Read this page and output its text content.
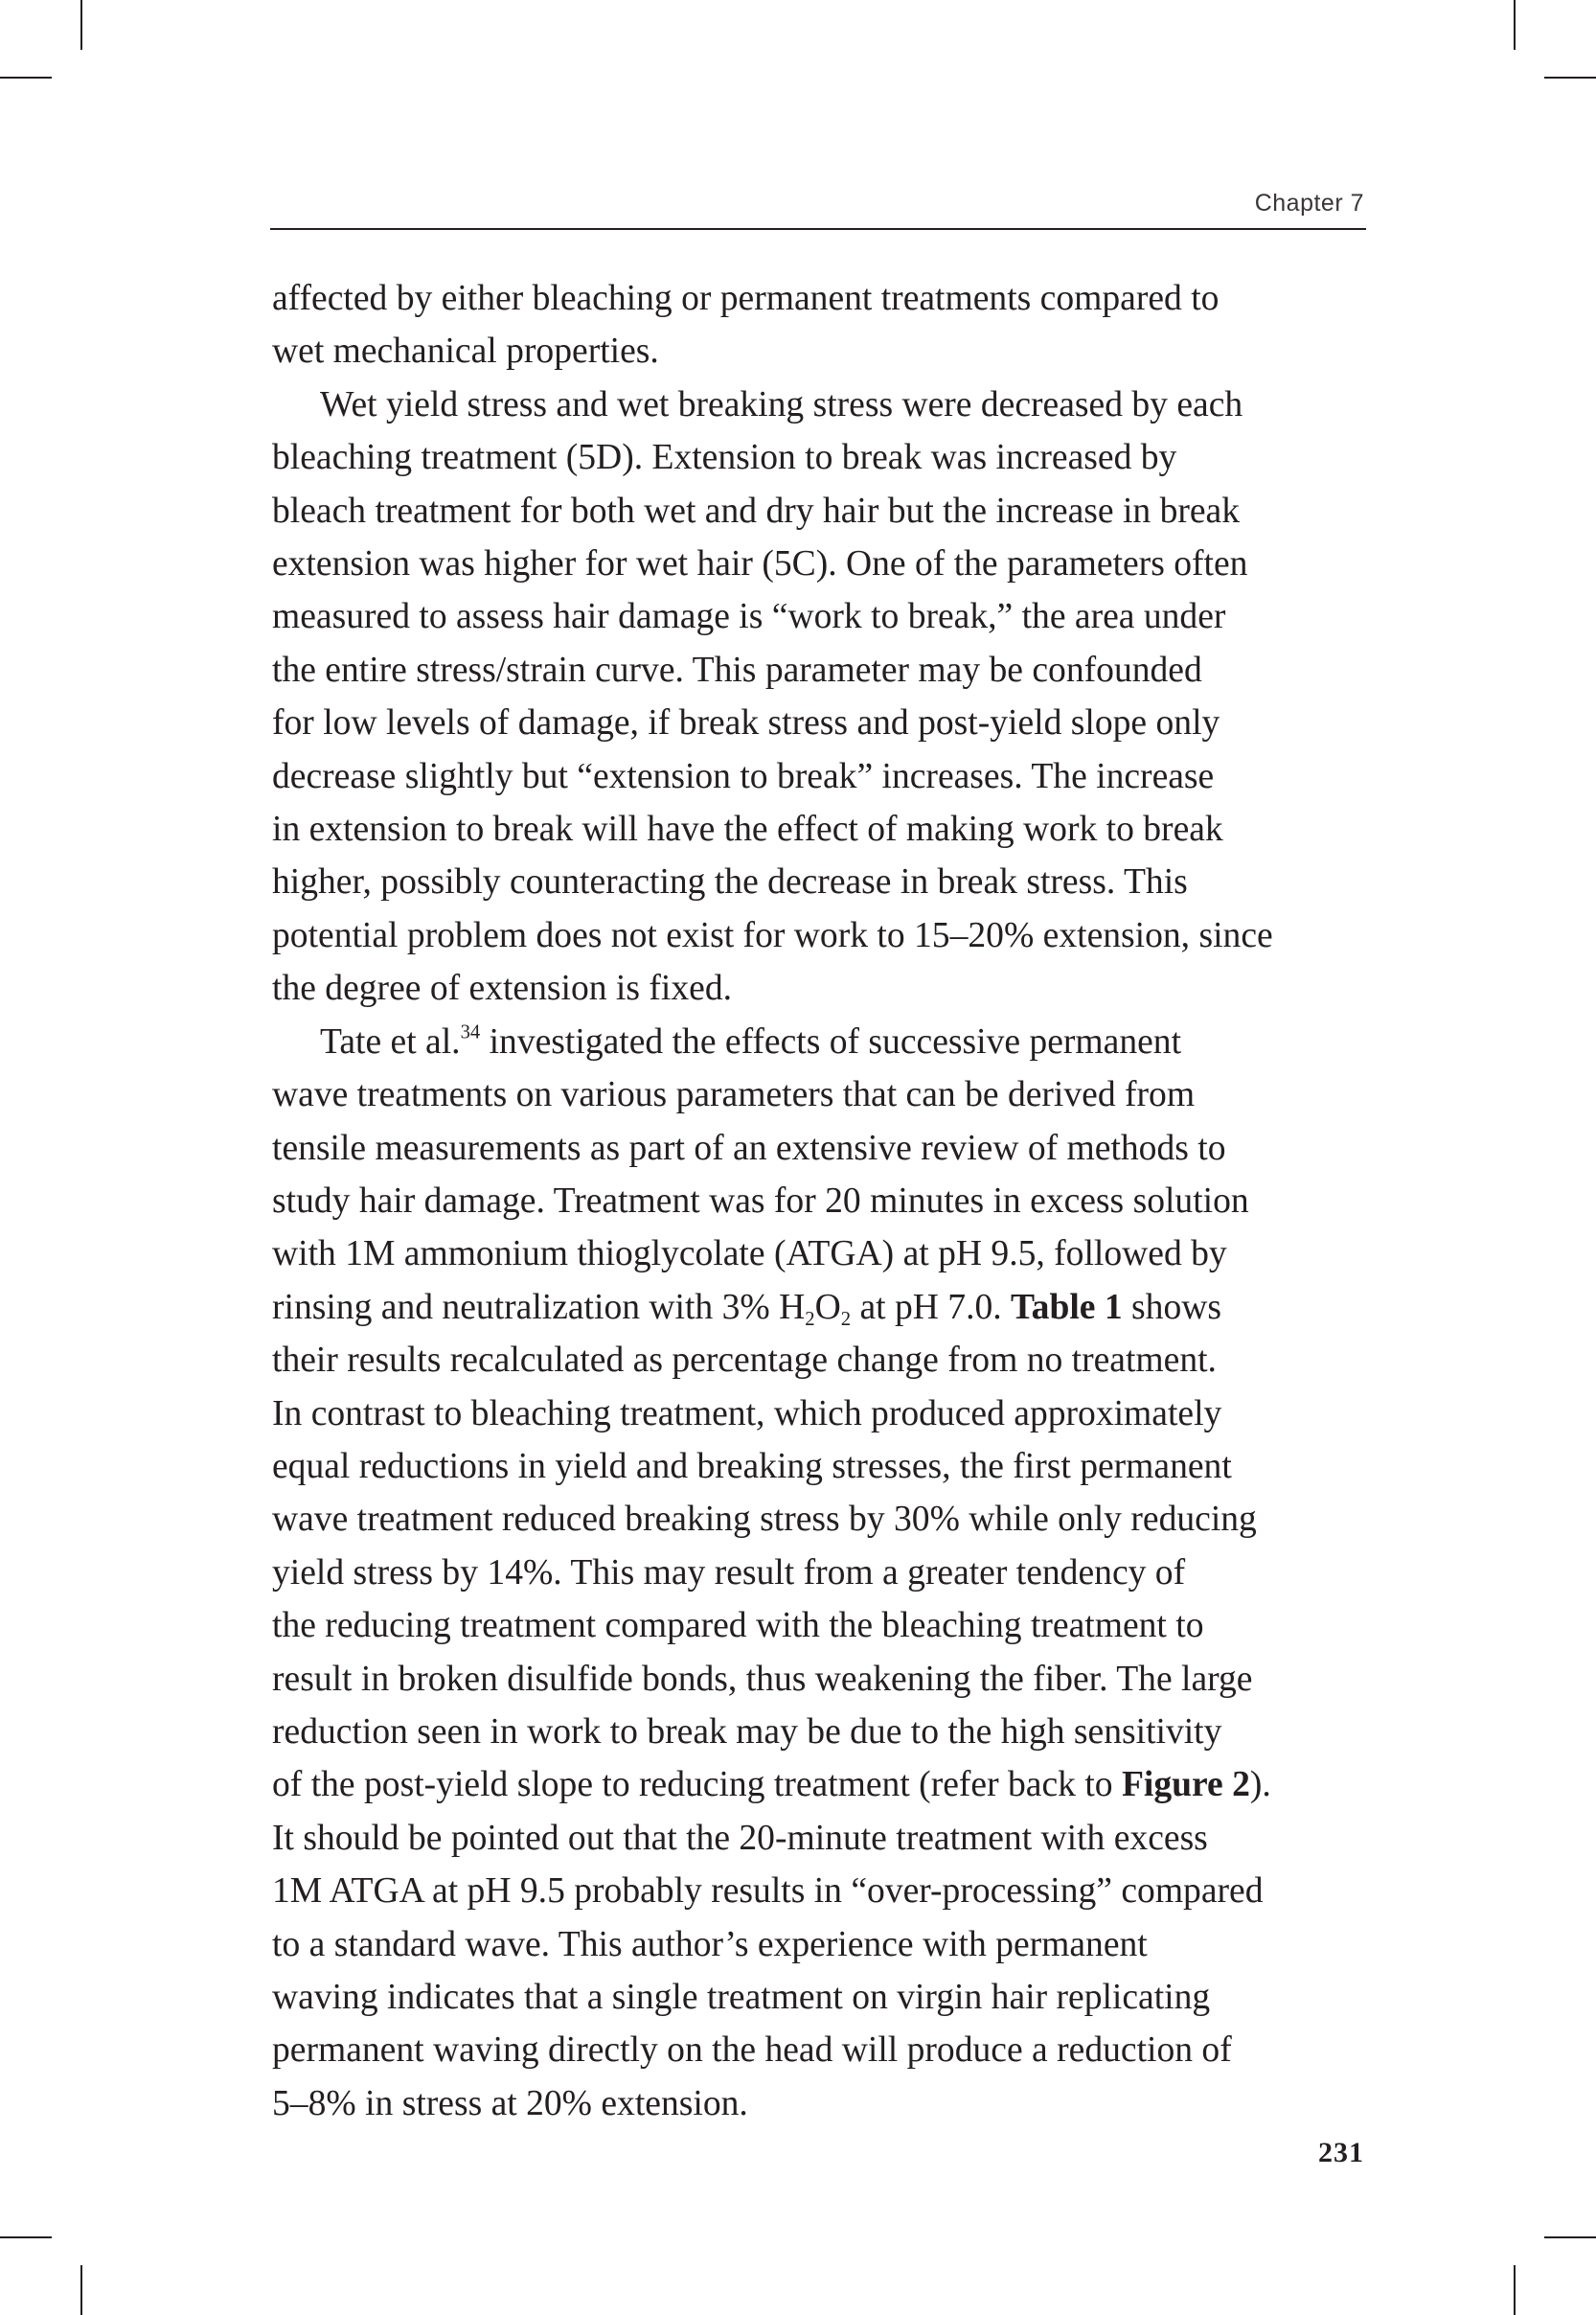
Chapter 7
affected by either bleaching or permanent treatments compared to
wet mechanical properties.
Wet yield stress and wet breaking stress were decreased by each
bleaching treatment (5D). Extension to break was increased by
bleach treatment for both wet and dry hair but the increase in break
extension was higher for wet hair (5C). One of the parameters often
measured to assess hair damage is “work to break,” the area under
the entire stress/strain curve. This parameter may be confounded
for low levels of damage, if break stress and post-yield slope only
decrease slightly but “extension to break” increases. The increase
in extension to break will have the effect of making work to break
higher, possibly counteracting the decrease in break stress. This
potential problem does not exist for work to 15–20% extension, since
the degree of extension is fixed.
Tate et al.$^{34}$ investigated the effects of successive permanent
wave treatments on various parameters that can be derived from
tensile measurements as part of an extensive review of methods to
study hair damage. Treatment was for 20 minutes in excess solution
with 1M ammonium thioglycolate (ATGA) at pH 9.5, followed by
rinsing and neutralization with 3% $H_2O_2$ at pH 7.0. Table 1 shows
their results recalculated as percentage change from no treatment.
In contrast to bleaching treatment, which produced approximately
equal reductions in yield and breaking stresses, the first permanent
wave treatment reduced breaking stress by 30% while only reducing
yield stress by 14%. This may result from a greater tendency of
the reducing treatment compared with the bleaching treatment to
result in broken disulfide bonds, thus weakening the fiber. The large
reduction seen in work to break may be due to the high sensitivity
of the post-yield slope to reducing treatment (refer back to Figure 2).
It should be pointed out that the 20-minute treatment with excess
1M ATGA at pH 9.5 probably results in “over-processing” compared
to a standard wave. This author’s experience with permanent
waving indicates that a single treatment on virgin hair replicating
permanent waving directly on the head will produce a reduction of
5–8% in stress at 20% extension.
231
